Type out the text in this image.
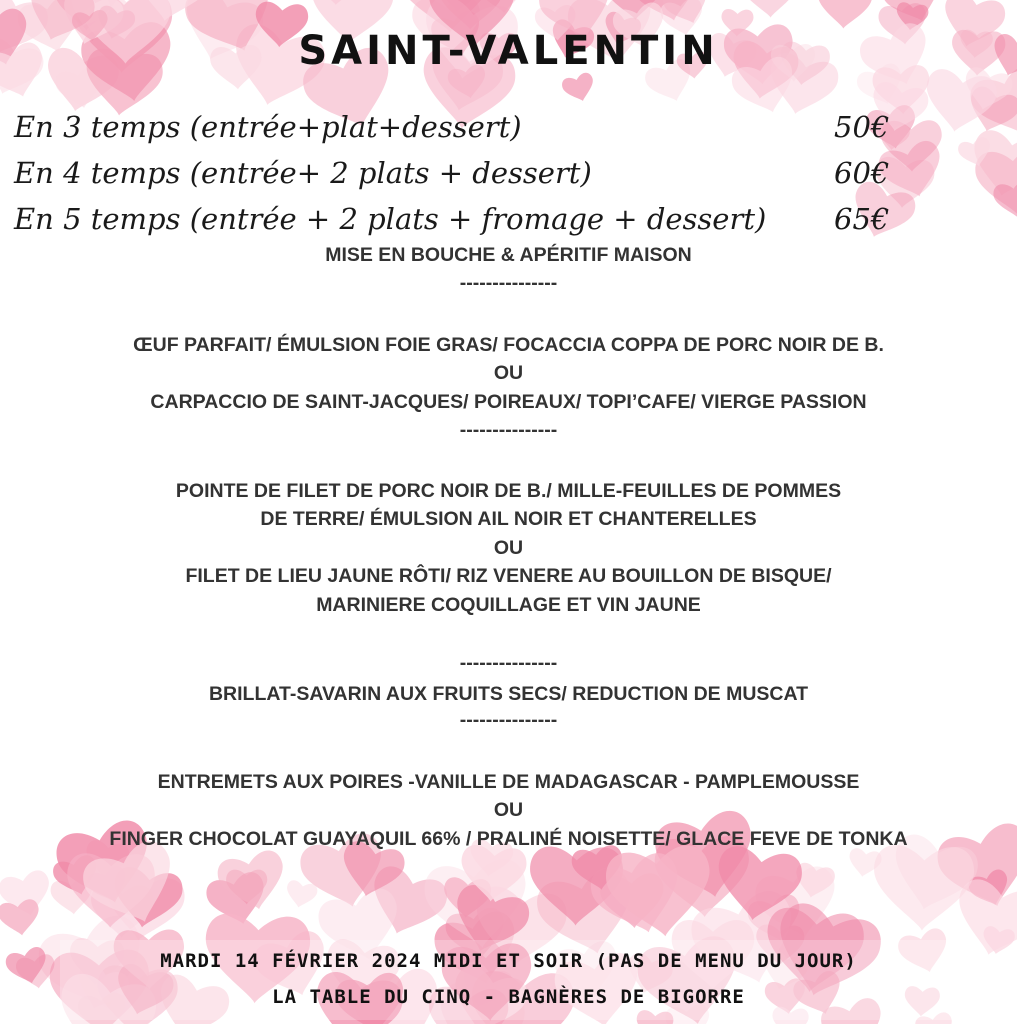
SAINT-VALENTIN
En 3 temps (entrée+plat+dessert)	50€
En 4 temps (entrée+ 2 plats + dessert)	60€
En 5 temps (entrée + 2 plats + fromage + dessert) 65€
MISE EN BOUCHE & APÉRITIF MAISON
---------------
ŒUF PARFAIT/ ÉMULSION FOIE GRAS/ FOCACCIA COPPA DE PORC NOIR DE B.
OU
CARPACCIO DE SAINT-JACQUES/ POIREAUX/ TOPI’CAFE/ VIERGE PASSION
---------------
POINTE DE FILET DE PORC NOIR DE B./ MILLE-FEUILLES DE POMMES
DE TERRE/ ÉMULSION AIL NOIR ET CHANTERELLES
OU
FILET DE LIEU JAUNE RÔTI/ RIZ VENERE AU BOUILLON DE BISQUE/
MARINIERE COQUILLAGE ET VIN JAUNE
---------------
BRILLAT-SAVARIN AUX FRUITS SECS/ REDUCTION DE MUSCAT
---------------
ENTREMETS AUX POIRES -VANILLE DE MADAGASCAR - PAMPLEMOUSSE
OU
FINGER CHOCOLAT GUAYAQUIL 66% / PRALINÉ NOISETTE/ GLACE FEVE DE TONKA
MARDI 14 FÉVRIER 2024 MIDI ET SOIR (PAS DE MENU DU JOUR)
LA TABLE DU CINQ - BAGNÈRES DE BIGORRE
